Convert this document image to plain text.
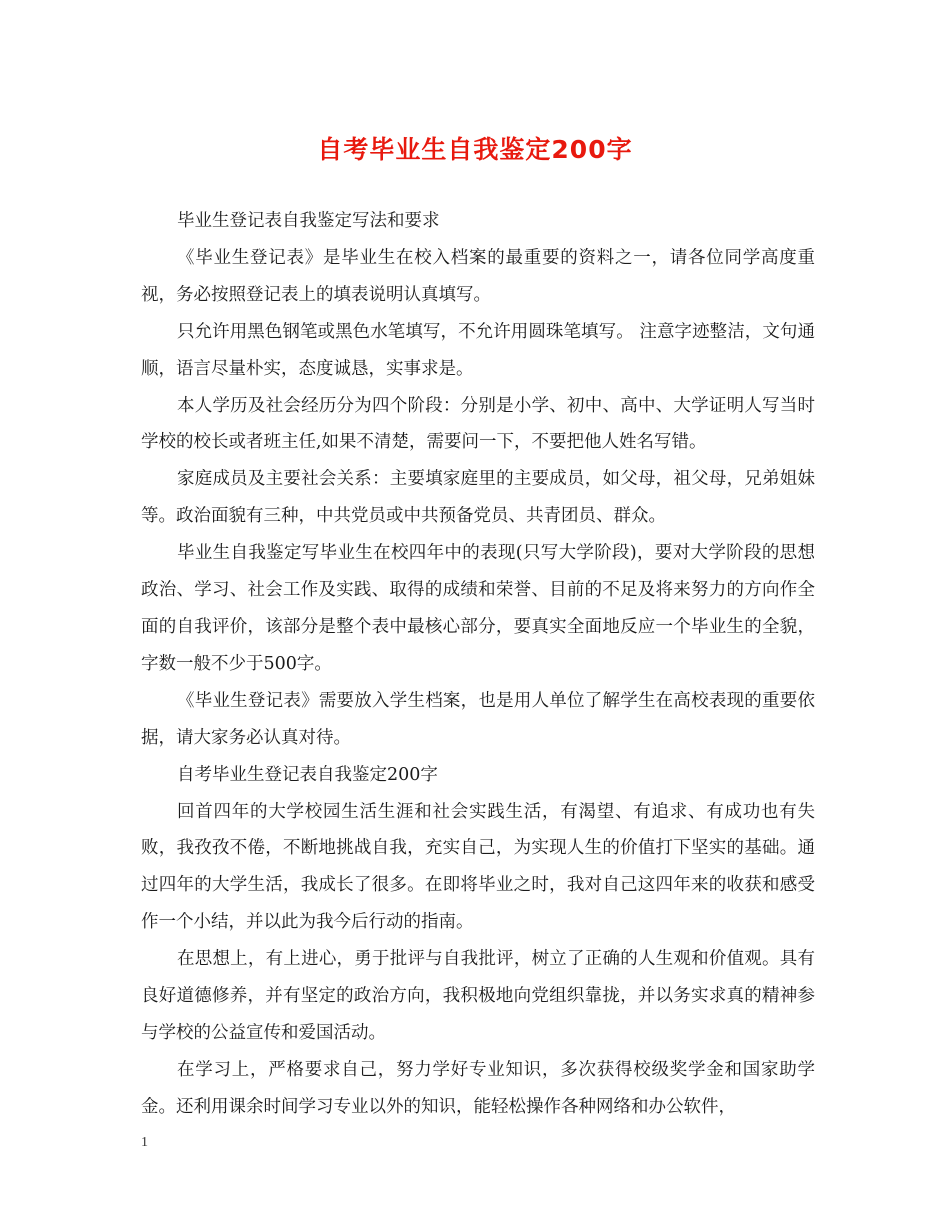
自考毕业生自我鉴定200字

毕业生登记表自我鉴定写法和要求

《毕业生登记表》是毕业生在校入档案的最重要的资料之一，请各位同学高度重视，务必按照登记表上的填表说明认真填写。

只允许用黑色钢笔或黑色水笔填写，不允许用圆珠笔填写。 注意字迹整洁，文句通顺，语言尽量朴实，态度诚恳，实事求是。

本人学历及社会经历分为四个阶段：分别是小学、初中、高中、大学证明人写当时学校的校长或者班主任,如果不清楚，需要问一下，不要把他人姓名写错。

家庭成员及主要社会关系：主要填家庭里的主要成员，如父母，祖父母，兄弟姐妹等。政治面貌有三种，中共党员或中共预备党员、共青团员、群众。

毕业生自我鉴定写毕业生在校四年中的表现(只写大学阶段)，要对大学阶段的思想政治、学习、社会工作及实践、取得的成绩和荣誉、目前的不足及将来努力的方向作全面的自我评价，该部分是整个表中最核心部分，要真实全面地反应一个毕业生的全貌，字数一般不少于500字。

《毕业生登记表》需要放入学生档案，也是用人单位了解学生在高校表现的重要依据，请大家务必认真对待。

自考毕业生登记表自我鉴定200字

回首四年的大学校园生活生涯和社会实践生活，有渴望、有追求、有成功也有失败，我孜孜不倦，不断地挑战自我，充实自己，为实现人生的价值打下坚实的基础。通过四年的大学生活，我成长了很多。在即将毕业之时，我对自己这四年来的收获和感受作一个小结，并以此为我今后行动的指南。

在思想上，有上进心，勇于批评与自我批评，树立了正确的人生观和价值观。具有良好道德修养，并有坚定的政治方向，我积极地向党组织靠拢，并以务实求真的精神参与学校的公益宣传和爱国活动。

在学习上，严格要求自己，努力学好专业知识，多次获得校级奖学金和国家助学金。还利用课余时间学习专业以外的知识，能轻松操作各种网络和办公软件，

1
